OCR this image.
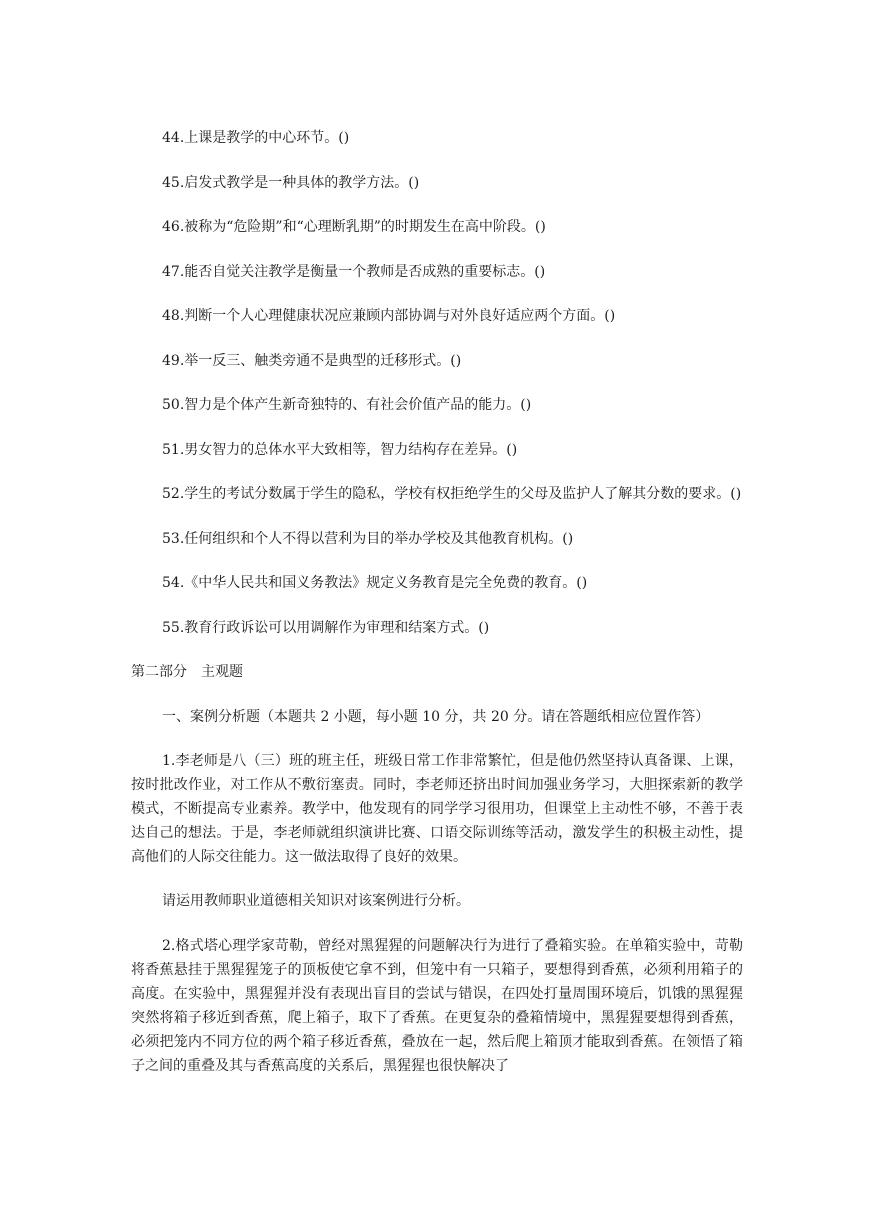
44.上课是教学的中心环节。()

45.启发式教学是一种具体的教学方法。()

46.被称为“危险期”和“心理断乳期”的时期发生在高中阶段。()

47.能否自觉关注教学是衡量一个教师是否成熟的重要标志。()

48.判断一个人心理健康状况应兼顾内部协调与对外良好适应两个方面。()

49.举一反三、触类旁通不是典型的迁移形式。()

50.智力是个体产生新奇独特的、有社会价值产品的能力。()

51.男女智力的总体水平大致相等，智力结构存在差异。()

52.学生的考试分数属于学生的隐私，学校有权拒绝学生的父母及监护人了解其分数的要求。()

53.任何组织和个人不得以营利为目的举办学校及其他教育机构。()

54.《中华人民共和国义务教法》规定义务教育是完全免费的教育。()

55.教育行政诉讼可以用调解作为审理和结案方式。()

第二部分　主观题

一、案例分析题（本题共 2 小题，每小题 10 分，共 20 分。请在答题纸相应位置作答）

1.李老师是八（三）班的班主任，班级日常工作非常繁忙，但是他仍然坚持认真备课、上课，按时批改作业，对工作从不敷衍塞责。同时，李老师还挤出时间加强业务学习，大胆探索新的教学模式，不断提高专业素养。教学中，他发现有的同学学习很用功，但课堂上主动性不够，不善于表达自己的想法。于是，李老师就组织演讲比赛、口语交际训练等活动，激发学生的积极主动性，提高他们的人际交往能力。这一做法取得了良好的效果。

请运用教师职业道德相关知识对该案例进行分析。

2.格式塔心理学家苛勒，曾经对黑猩猩的问题解决行为进行了叠箱实验。在单箱实验中，苛勒将香蕉悬挂于黑猩猩笼子的顶板使它拿不到，但笼中有一只箱子，要想得到香蕉，必须利用箱子的高度。在实验中，黑猩猩并没有表现出盲目的尝试与错误，在四处打量周围环境后，饥饿的黑猩猩突然将箱子移近到香蕉，爬上箱子，取下了香蕉。在更复杂的叠箱情境中，黑猩猩要想得到香蕉，必须把笼内不同方位的两个箱子移近香蕉，叠放在一起，然后爬上箱顶才能取到香蕉。在领悟了箱子之间的重叠及其与香蕉高度的关系后，黑猩猩也很快解决了
